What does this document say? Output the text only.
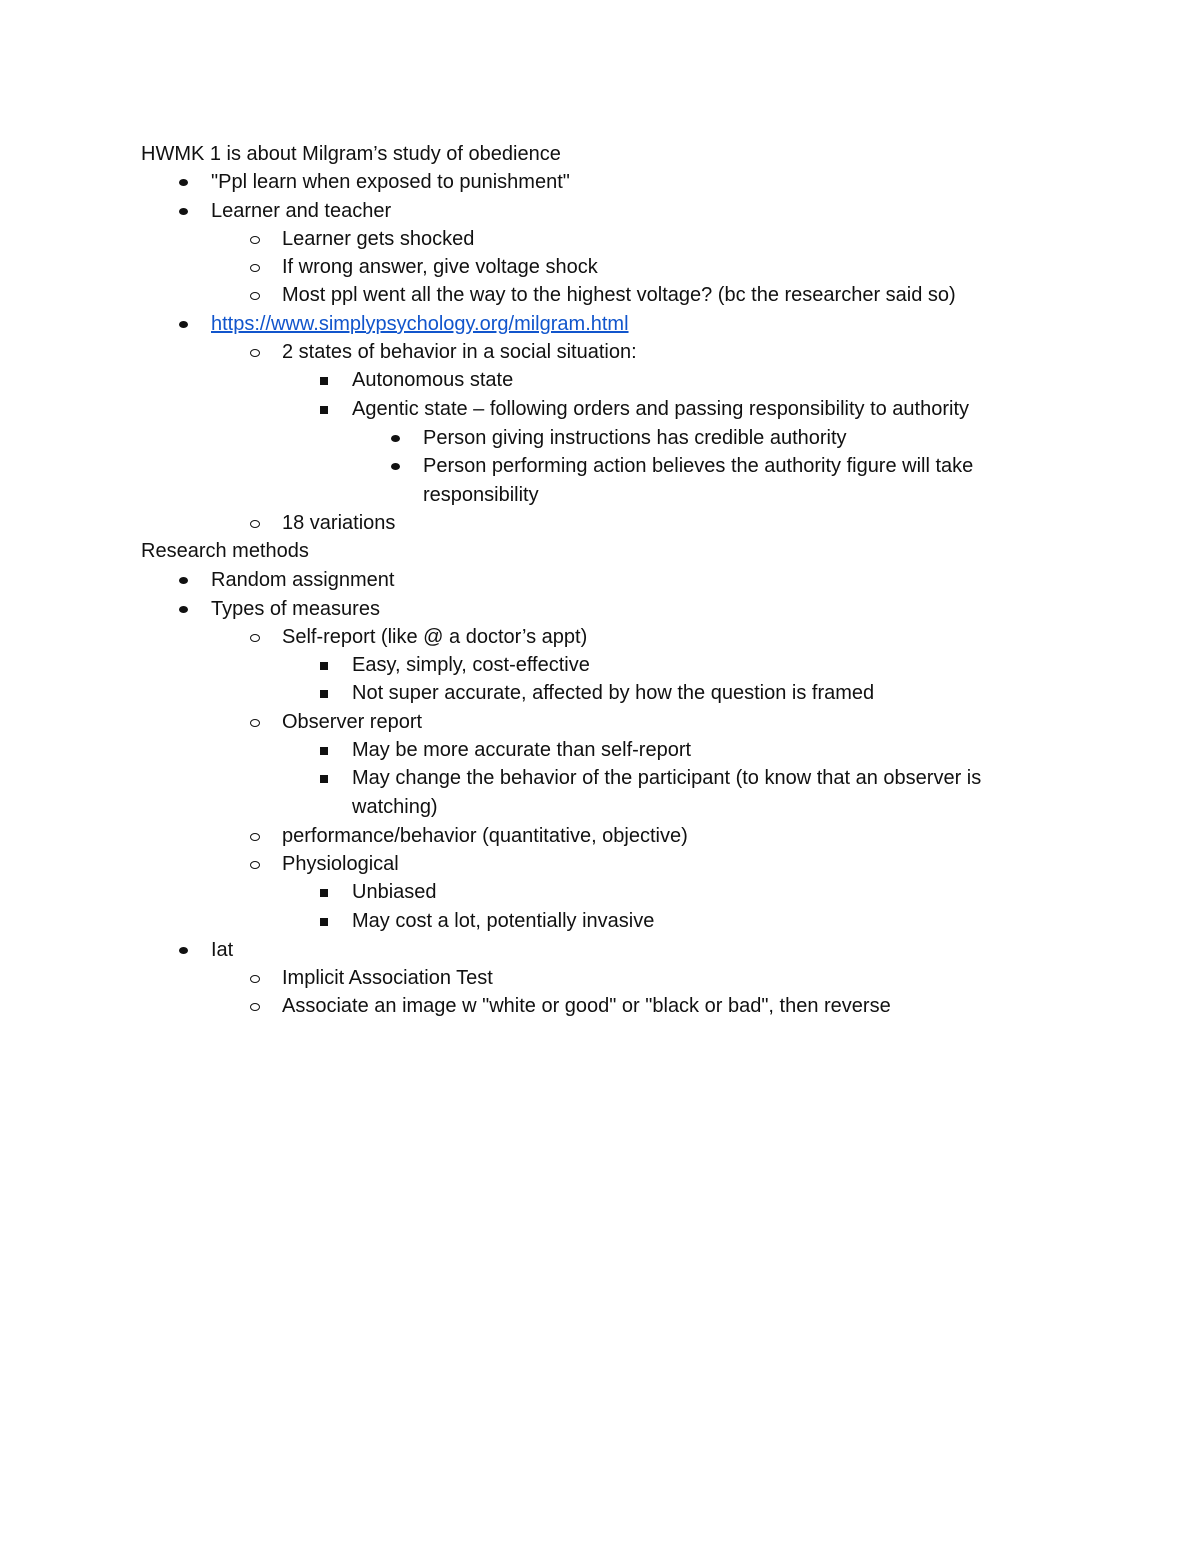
HWMK 1 is about Milgram’s study of obedience
"Ppl learn when exposed to punishment"
Learner and teacher
Learner gets shocked
If wrong answer, give voltage shock
Most ppl went all the way to the highest voltage? (bc the researcher said so)
https://www.simplypsychology.org/milgram.html
2 states of behavior in a social situation:
Autonomous state
Agentic state – following orders and passing responsibility to authority
Person giving instructions has credible authority
Person performing action believes the authority figure will take
responsibility
18 variations
Research methods
Random assignment
Types of measures
Self-report (like @ a doctor’s appt)
Easy, simply, cost-effective
Not super accurate, affected by how the question is framed
Observer report
May be more accurate than self-report
May change the behavior of the participant (to know that an observer is
watching)
performance/behavior (quantitative, objective)
Physiological
Unbiased
May cost a lot, potentially invasive
Iat
Implicit Association Test
Associate an image w "white or good" or "black or bad", then reverse
